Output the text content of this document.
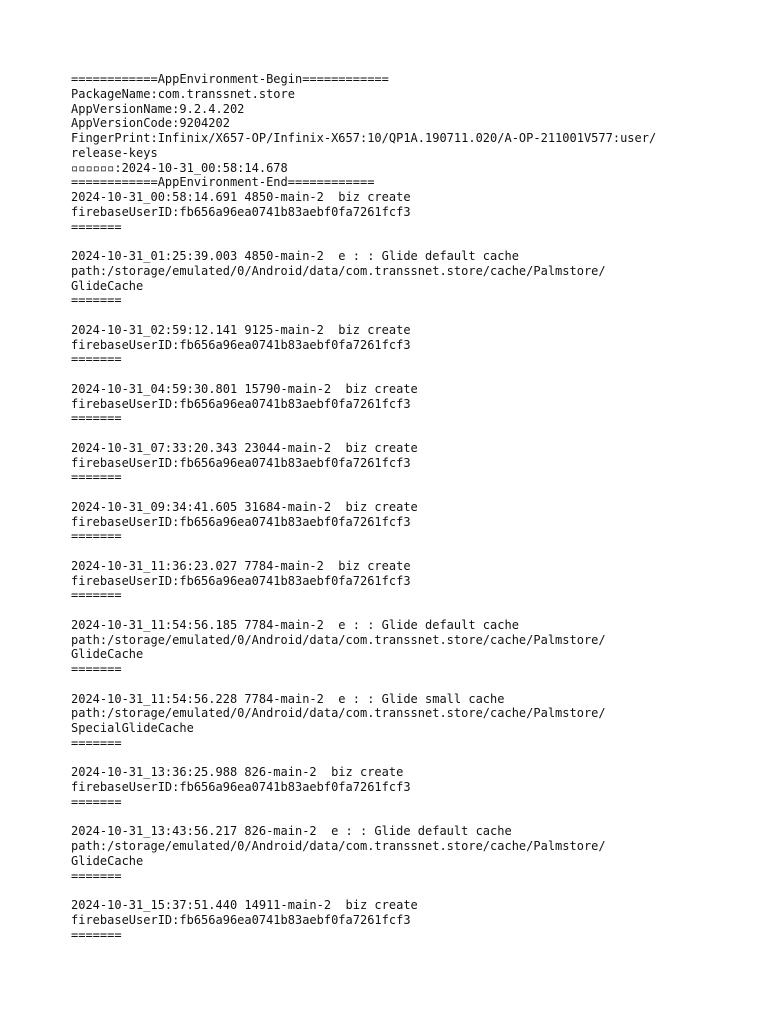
============AppEnvironment-Begin============
PackageName:com.transsnet.store
AppVersionName:9.2.4.202
AppVersionCode:9204202
FingerPrint:Infinix/X657-OP/Infinix-X657:10/QP1A.190711.020/A-OP-211001V577:user/
release-keys
▫▫▫▫▫▫:2024-10-31_00:58:14.678
============AppEnvironment-End============
2024-10-31_00:58:14.691 4850-main-2  biz create
firebaseUserID:fb656a96ea0741b83aebf0fa7261fcf3
=======
2024-10-31_01:25:39.003 4850-main-2  e : : Glide default cache
path:/storage/emulated/0/Android/data/com.transsnet.store/cache/Palmstore/
GlideCache
=======
2024-10-31_02:59:12.141 9125-main-2  biz create
firebaseUserID:fb656a96ea0741b83aebf0fa7261fcf3
=======
2024-10-31_04:59:30.801 15790-main-2  biz create
firebaseUserID:fb656a96ea0741b83aebf0fa7261fcf3
=======
2024-10-31_07:33:20.343 23044-main-2  biz create
firebaseUserID:fb656a96ea0741b83aebf0fa7261fcf3
=======
2024-10-31_09:34:41.605 31684-main-2  biz create
firebaseUserID:fb656a96ea0741b83aebf0fa7261fcf3
=======
2024-10-31_11:36:23.027 7784-main-2  biz create
firebaseUserID:fb656a96ea0741b83aebf0fa7261fcf3
=======
2024-10-31_11:54:56.185 7784-main-2  e : : Glide default cache
path:/storage/emulated/0/Android/data/com.transsnet.store/cache/Palmstore/
GlideCache
=======
2024-10-31_11:54:56.228 7784-main-2  e : : Glide small cache
path:/storage/emulated/0/Android/data/com.transsnet.store/cache/Palmstore/
SpecialGlideCache
=======
2024-10-31_13:36:25.988 826-main-2  biz create
firebaseUserID:fb656a96ea0741b83aebf0fa7261fcf3
=======
2024-10-31_13:43:56.217 826-main-2  e : : Glide default cache
path:/storage/emulated/0/Android/data/com.transsnet.store/cache/Palmstore/
GlideCache
=======
2024-10-31_15:37:51.440 14911-main-2  biz create
firebaseUserID:fb656a96ea0741b83aebf0fa7261fcf3
=======
